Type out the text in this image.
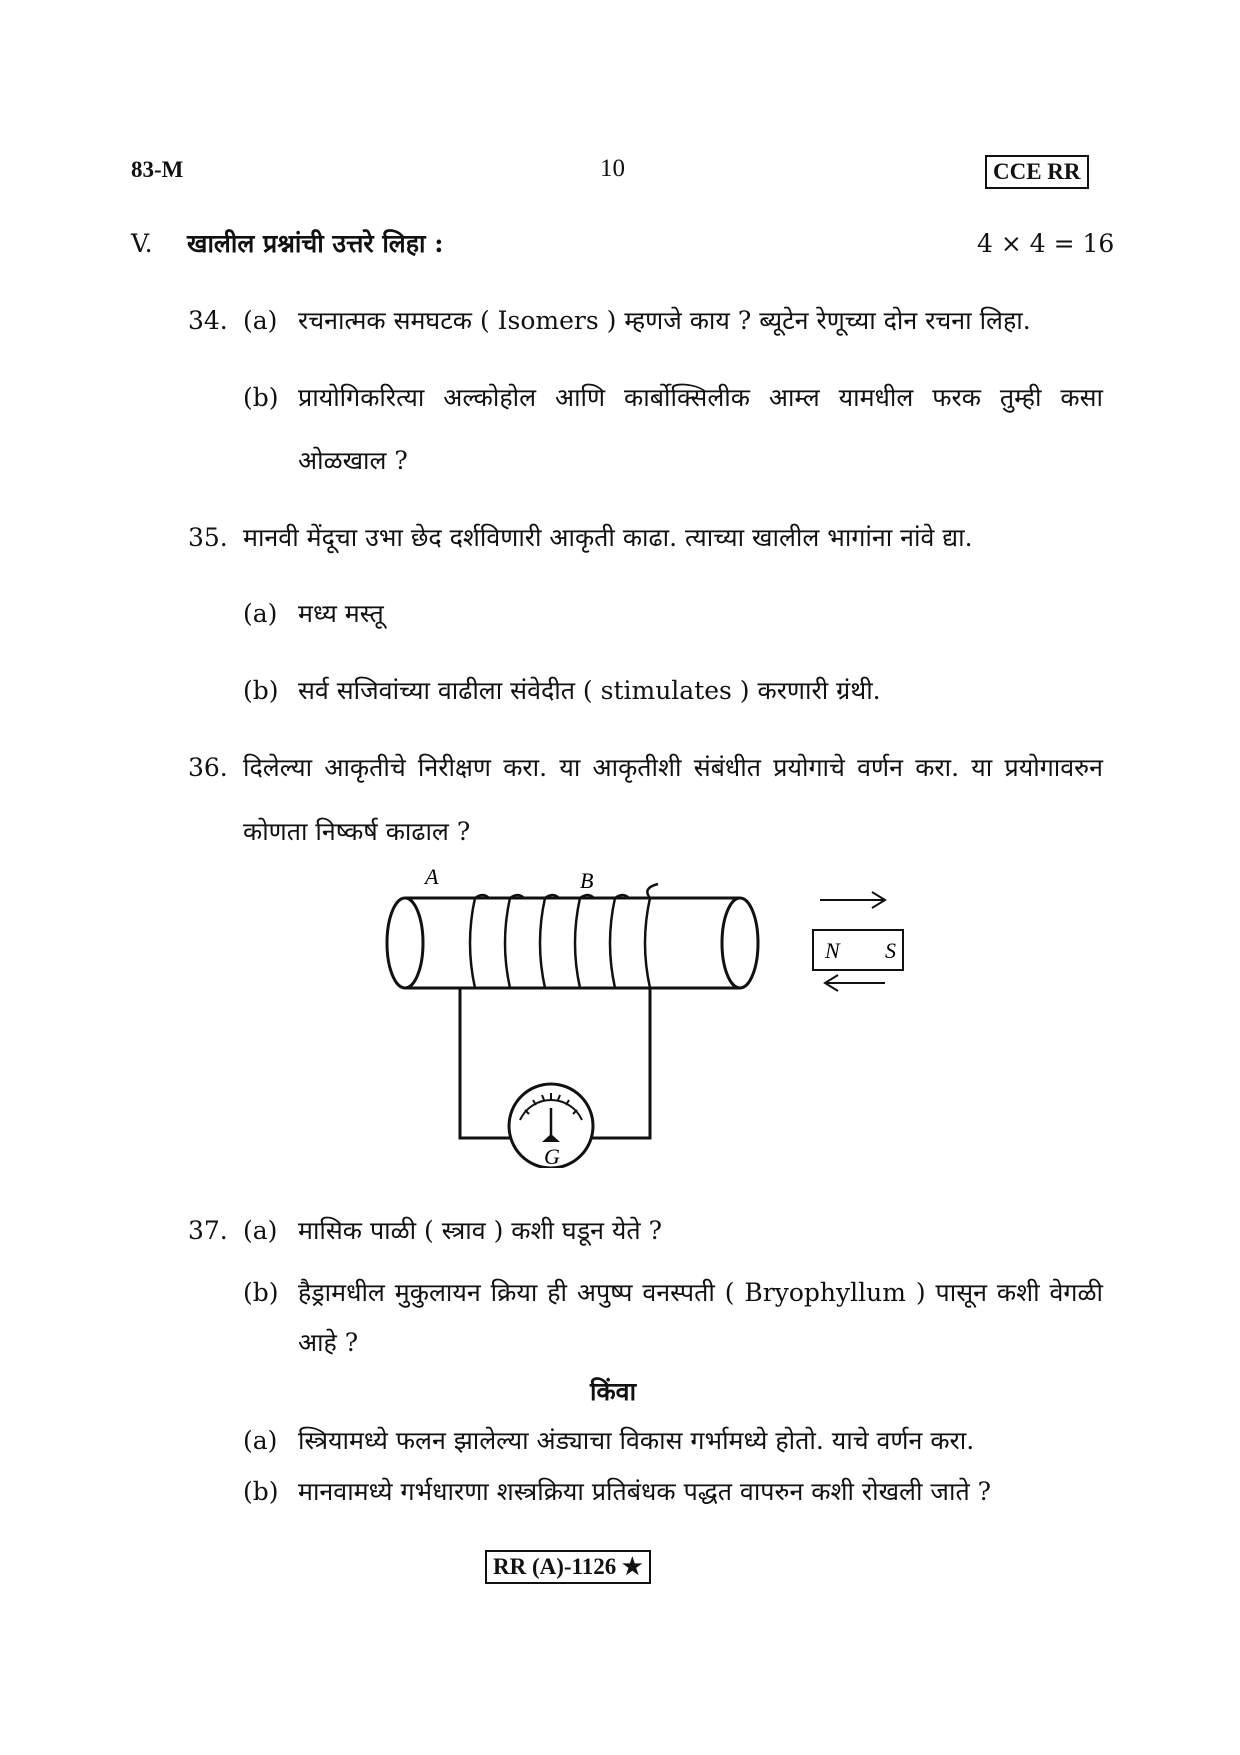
83-M	10	CCE RR
V. खालील प्रश्नांची उत्तरे लिहा :	4 × 4 = 16
34. (a) रचनात्मक समघटक ( Isomers ) म्हणजे काय ? ब्यूटेन रेणूच्या दोन रचना लिहा.
(b) प्रायोगिकरित्या अल्कोहोल आणि कार्बोक्सिलीक आम्ल यामधील फरक तुम्ही कसा
ओळखाल ?
35. मानवी मेंदूचा उभा छेद दर्शविणारी आकृती काढा. त्याच्या खालील भागांना नांवे द्या.
(a) मध्य मस्तू
(b) सर्व सजिवांच्या वाढीला संवेदीत ( stimulates ) करणारी ग्रंथी.
36. दिलेल्या आकृतीचे निरीक्षण करा. या आकृतीशी संबंधीत प्रयोगाचे वर्णन करा. या प्रयोगावरुन
कोणता निष्कर्ष काढाल ?
A	B
N S
G
37. (a) मासिक पाळी ( स्त्राव ) कशी घडून येते ?
(b) हैड्रामधील मुकुलायन क्रिया ही अपुष्प वनस्पती ( Bryophyllum ) पासून कशी वेगळी
आहे ?
किंवा
(a) स्त्रियामध्ये फलन झालेल्या अंड्याचा विकास गर्भामध्ये होतो. याचे वर्णन करा.
(b) मानवामध्ये गर्भधारणा शस्त्रक्रिया प्रतिबंधक पद्धत वापरुन कशी रोखली जाते ?
RR (A)-1126 ★
